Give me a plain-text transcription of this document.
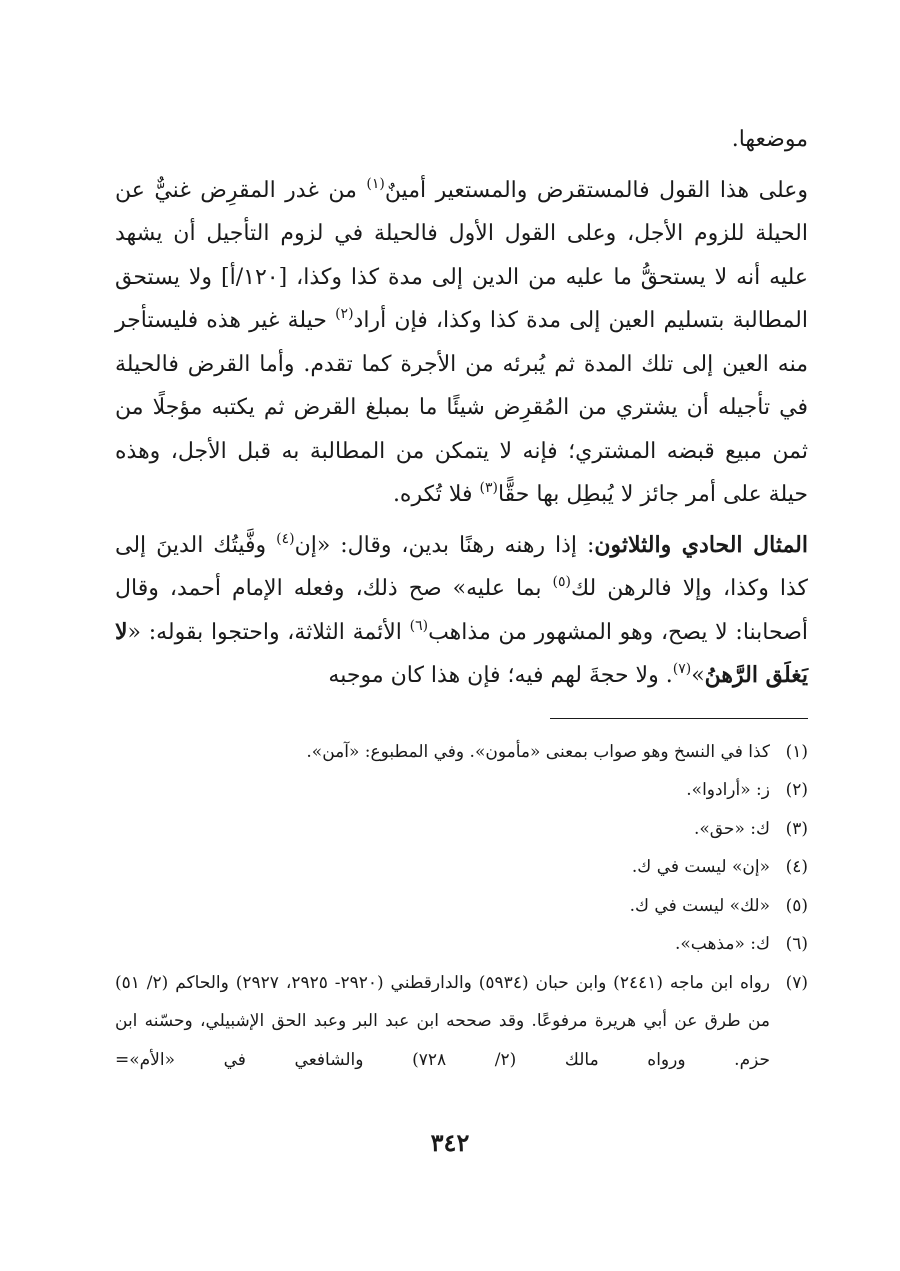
موضعها.

وعلى هذا القول فالمستقرض والمستعير أمينٌ$^{(١)}$ من غدر المقرِض غنيٌّ عن الحيلة للزوم الأجل، وعلى القول الأول فالحيلة في لزوم التأجيل أن يشهد عليه أنه لا يستحقُّ ما عليه من الدين إلى مدة كذا وكذا، [١٢٠/أ] ولا يستحق المطالبة بتسليم العين إلى مدة كذا وكذا، فإن أراد$^{(٢)}$ حيلة غير هذه فليستأجر منه العين إلى تلك المدة ثم يُبرئه من الأجرة كما تقدم. وأما القرض فالحيلة في تأجيله أن يشتري من المُقرِض شيئًا ما بمبلغ القرض ثم يكتبه مؤجلًا من ثمن مبيع قبضه المشتري؛ فإنه لا يتمكن من المطالبة به قبل الأجل، وهذه حيلة على أمر جائز لا يُبطِل بها حقًّا$^{(٣)}$ فلا تُكره.

المثال الحادي والثلاثون: إذا رهنه رهنًا بدين، وقال: «إن$^{(٤)}$ وفَّيتُك الدينَ إلى كذا وكذا، وإلا فالرهن لك$^{(٥)}$ بما عليه» صح ذلك، وفعله الإمام أحمد، وقال أصحابنا: لا يصح، وهو المشهور من مذاهب$^{(٦)}$ الأئمة الثلاثة، واحتجوا بقوله: «لا يَغلَق الرَّهنُ»$^{(٧)}$. ولا حجةَ لهم فيه؛ فإن هذا كان موجبه

(١)
كذا في النسخ وهو صواب بمعنى «مأمون». وفي المطبوع: «آمن».
(٢)
ز: «أرادوا».
(٣)
ك: «حق».
(٤)
«إن» ليست في ك.
(٥)
«لك» ليست في ك.
(٦)
ك: «مذهب».
(٧)
رواه ابن ماجه (٢٤٤١) وابن حبان (٥٩٣٤) والدارقطني (٢٩٢٠- ٢٩٢٥، ٢٩٢٧) والحاكم (٢/ ٥١) من طرق عن أبي هريرة مرفوعًا. وقد صححه ابن عبد البر وعبد الحق الإشبيلي، وحسّنه ابن حزم. ورواه مالك (٢/ ٧٢٨) والشافعي في «الأم»=
٣٤٢
